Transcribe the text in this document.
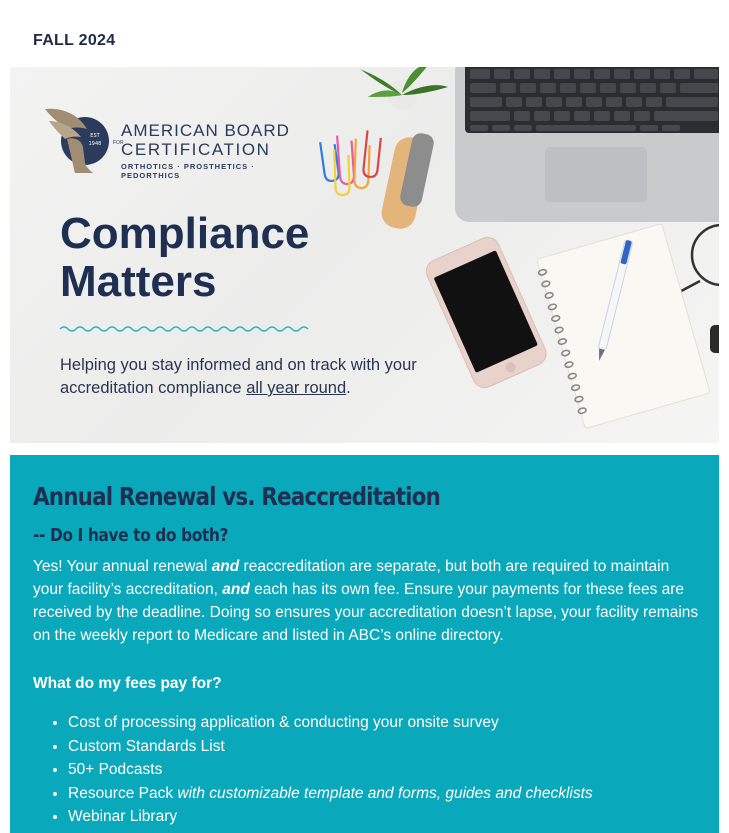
FALL 2024
EST
1948
AMERICAN BOARD
FOR
CERTIFICATION
ORTHOTICS · PROSTHETICS · PEDORTHICS
Compliance
Matters
Helping you stay informed and on track with your accreditation compliance all year round.
Annual Renewal vs. Reaccreditation
-- Do I have to do both?
Yes! Your annual renewal and reaccreditation are separate, but both are required to maintain your facility’s accreditation, and each has its own fee. Ensure your payments for these fees are received by the deadline. Doing so ensures your accreditation doesn’t lapse, your facility remains on the weekly report to Medicare and listed in ABC’s online directory.
What do my fees pay for?
• Cost of processing application & conducting your onsite survey
• Custom Standards List
• 50+ Podcasts
• Resource Pack with customizable template and forms, guides and checklists
• Webinar Library
